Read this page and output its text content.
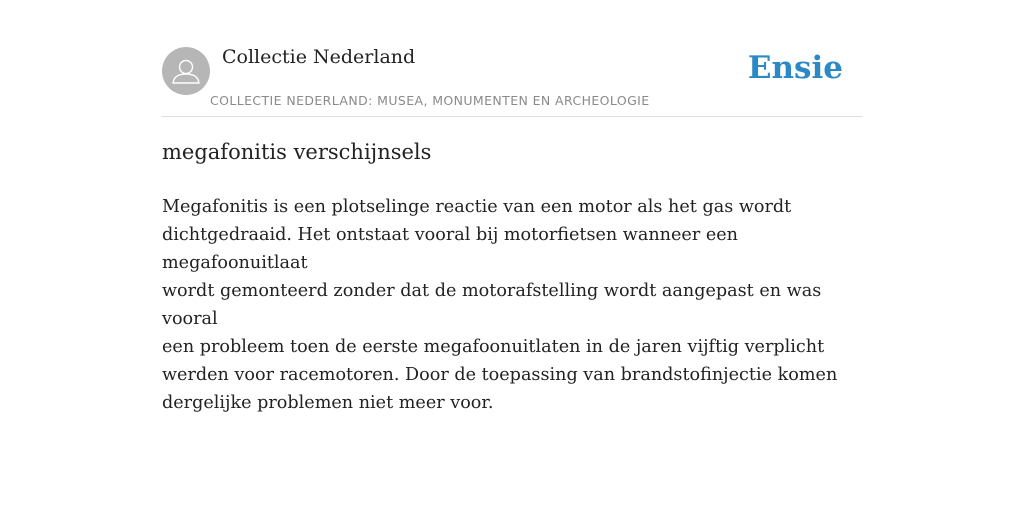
Collectie Nederland
COLLECTIE NEDERLAND: MUSEA, MONUMENTEN EN ARCHEOLOGIE
Ensie
megafonitis verschijnsels
Megafonitis is een plotselinge reactie van een motor als het gas wordt
dichtgedraaid. Het ontstaat vooral bij motorfietsen wanneer een megafoonuitlaat
wordt gemonteerd zonder dat de motorafstelling wordt aangepast en was vooral
een probleem toen de eerste megafoonuitlaten in de jaren vijftig verplicht
werden voor racemotoren. Door de toepassing van brandstofinjectie komen
dergelijke problemen niet meer voor.
